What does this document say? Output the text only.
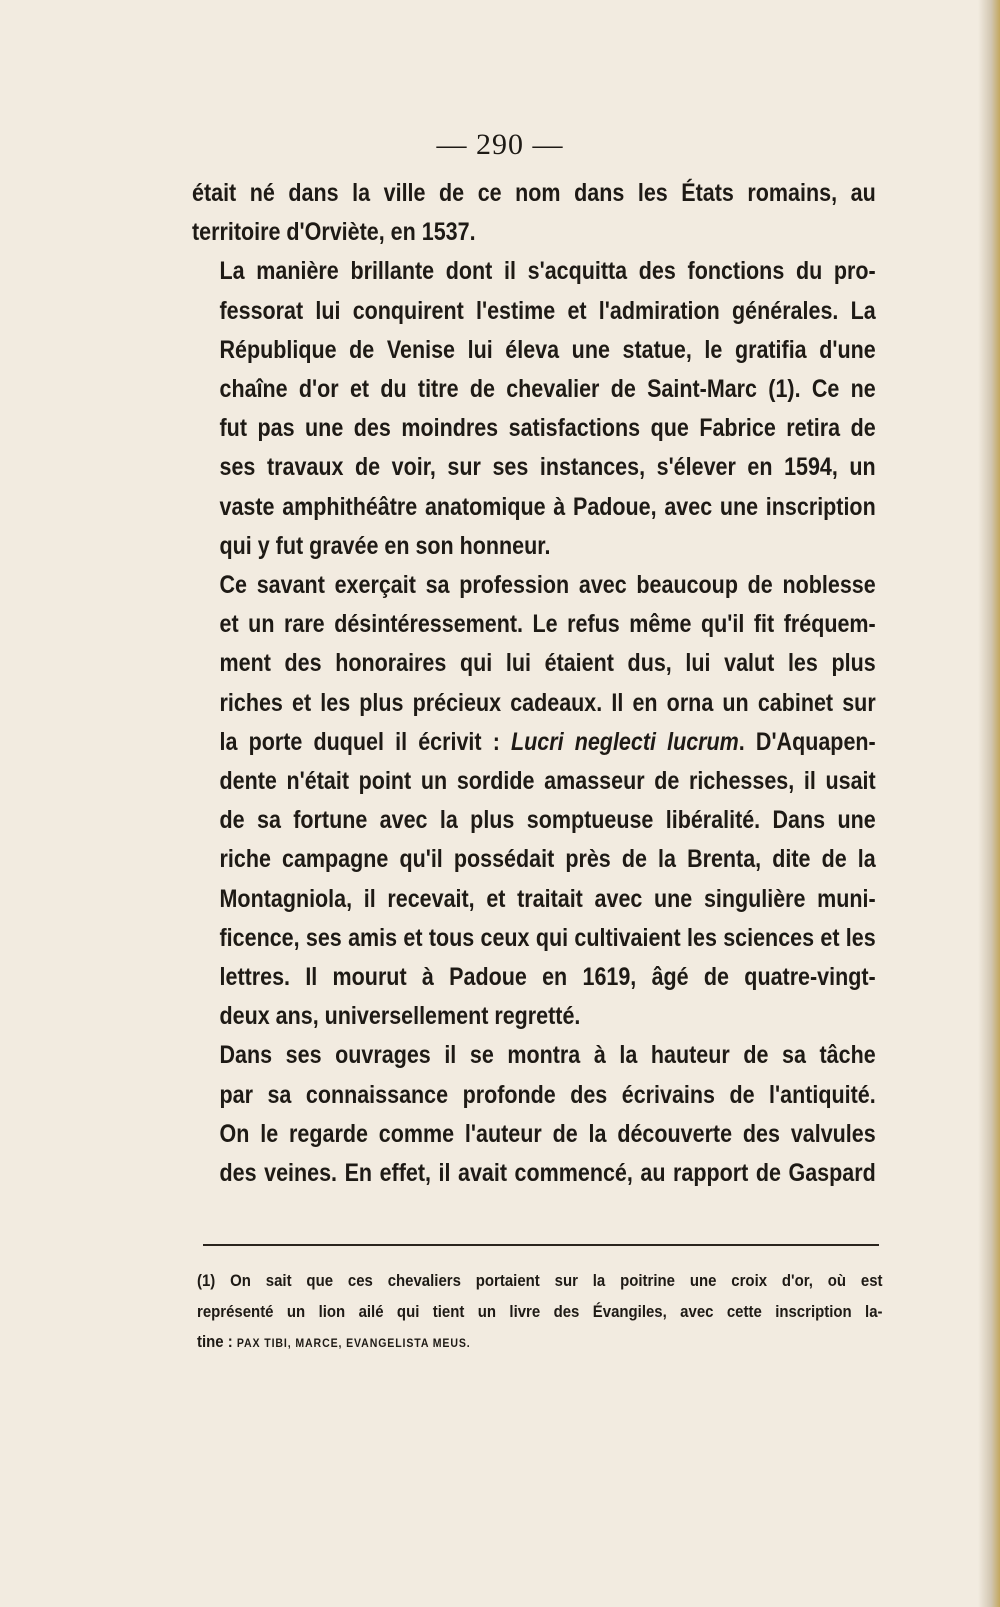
— 290 —

était né dans la ville de ce nom dans les États romains, au
territoire d'Orviète, en 1537.

La manière brillante dont il s'acquitta des fonctions du pro-
fessorat lui conquirent l'estime et l'admiration générales. La
République de Venise lui éleva une statue, le gratifia d'une
chaîne d'or et du titre de chevalier de Saint-Marc (1). Ce ne
fut pas une des moindres satisfactions que Fabrice retira de
ses travaux de voir, sur ses instances, s'élever en 1594, un
vaste amphithéâtre anatomique à Padoue, avec une inscription
qui y fut gravée en son honneur.

Ce savant exerçait sa profession avec beaucoup de noblesse
et un rare désintéressement. Le refus même qu'il fit fréquem-
ment des honoraires qui lui étaient dus, lui valut les plus
riches et les plus précieux cadeaux. Il en orna un cabinet sur
la porte duquel il écrivit : Lucri neglecti lucrum. D'Aquapen-
dente n'était point un sordide amasseur de richesses, il usait
de sa fortune avec la plus somptueuse libéralité. Dans une
riche campagne qu'il possédait près de la Brenta, dite de la
Montagniola, il recevait, et traitait avec une singulière muni-
ficence, ses amis et tous ceux qui cultivaient les sciences et les
lettres. Il mourut à Padoue en 1619, âgé de quatre-vingt-
deux ans, universellement regretté.

Dans ses ouvrages il se montra à la hauteur de sa tâche
par sa connaissance profonde des écrivains de l'antiquité.
On le regarde comme l'auteur de la découverte des valvules
des veines. En effet, il avait commencé, au rapport de Gaspard

(1) On sait que ces chevaliers portaient sur la poitrine une croix d'or, où est
représenté un lion ailé qui tient un livre des Évangiles, avec cette inscription la-
tine : PAX TIBI, MARCE, EVANGELISTA MEUS.
